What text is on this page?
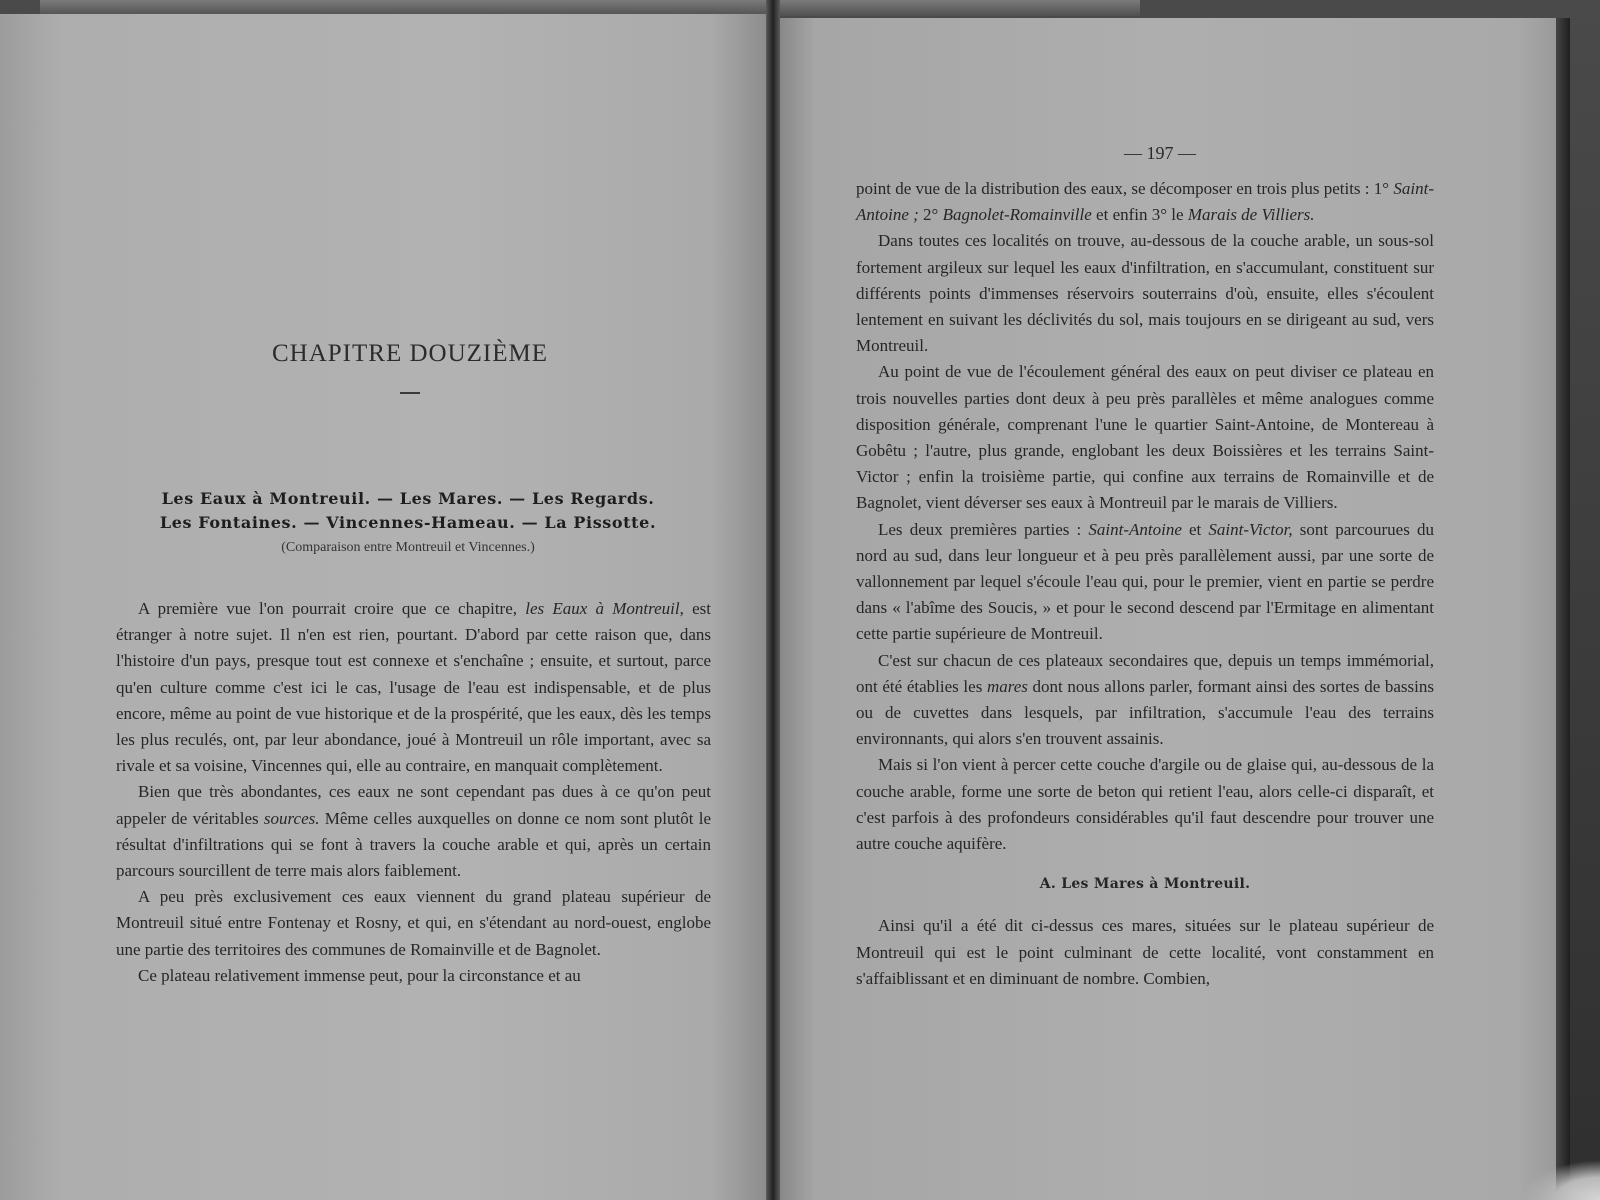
CHAPITRE DOUZIÈME
Les Eaux à Montreuil. — Les Mares. — Les Regards.
Les Fontaines. — Vincennes-Hameau. — La Pissotte.
(Comparaison entre Montreuil et Vincennes.)

A première vue l'on pourrait croire que ce chapitre, les Eaux à Montreuil, est étranger à notre sujet. Il n'en est rien, pourtant. D'abord par cette raison que, dans l'histoire d'un pays, presque tout est connexe et s'enchaîne ; ensuite, et surtout, parce qu'en culture comme c'est ici le cas, l'usage de l'eau est indispensable, et de plus encore, même au point de vue historique et de la prospérité, que les eaux, dès les temps les plus reculés, ont, par leur abondance, joué à Montreuil un rôle important, avec sa rivale et sa voisine, Vincennes qui, elle au contraire, en manquait complètement.

Bien que très abondantes, ces eaux ne sont cependant pas dues à ce qu'on peut appeler de véritables sources. Même celles auxquelles on donne ce nom sont plutôt le résultat d'infiltrations qui se font à travers la couche arable et qui, après un certain parcours sourcillent de terre mais alors faiblement.

A peu près exclusivement ces eaux viennent du grand plateau supérieur de Montreuil situé entre Fontenay et Rosny, et qui, en s'étendant au nord-ouest, englobe une partie des territoires des communes de Romainville et de Bagnolet.

Ce plateau relativement immense peut, pour la circonstance et au

— 197 —

point de vue de la distribution des eaux, se décomposer en trois plus petits : 1° Saint-Antoine ; 2° Bagnolet-Romainville et enfin 3° le Marais de Villiers.

Dans toutes ces localités on trouve, au-dessous de la couche arable, un sous-sol fortement argileux sur lequel les eaux d'infiltration, en s'accumulant, constituent sur différents points d'immenses réservoirs souterrains d'où, ensuite, elles s'écoulent lentement en suivant les déclivités du sol, mais toujours en se dirigeant au sud, vers Montreuil.

Au point de vue de l'écoulement général des eaux on peut diviser ce plateau en trois nouvelles parties dont deux à peu près parallèles et même analogues comme disposition générale, comprenant l'une le quartier Saint-Antoine, de Montereau à Gobêtu ; l'autre, plus grande, englobant les deux Boissières et les terrains Saint-Victor ; enfin la troisième partie, qui confine aux terrains de Romainville et de Bagnolet, vient déverser ses eaux à Montreuil par le marais de Villiers.

Les deux premières parties : Saint-Antoine et Saint-Victor, sont parcourues du nord au sud, dans leur longueur et à peu près parallèlement aussi, par une sorte de vallonnement par lequel s'écoule l'eau qui, pour le premier, vient en partie se perdre dans « l'abîme des Soucis, » et pour le second descend par l'Ermitage en alimentant cette partie supérieure de Montreuil.

C'est sur chacun de ces plateaux secondaires que, depuis un temps immémorial, ont été établies les mares dont nous allons parler, formant ainsi des sortes de bassins ou de cuvettes dans lesquels, par infiltration, s'accumule l'eau des terrains environnants, qui alors s'en trouvent assainis.

Mais si l'on vient à percer cette couche d'argile ou de glaise qui, au-dessous de la couche arable, forme une sorte de beton qui retient l'eau, alors celle-ci disparaît, et c'est parfois à des profondeurs considérables qu'il faut descendre pour trouver une autre couche aquifère.

A. Les Mares à Montreuil.

Ainsi qu'il a été dit ci-dessus ces mares, situées sur le plateau supérieur de Montreuil qui est le point culminant de cette localité, vont constamment en s'affaiblissant et en diminuant de nombre. Combien,
